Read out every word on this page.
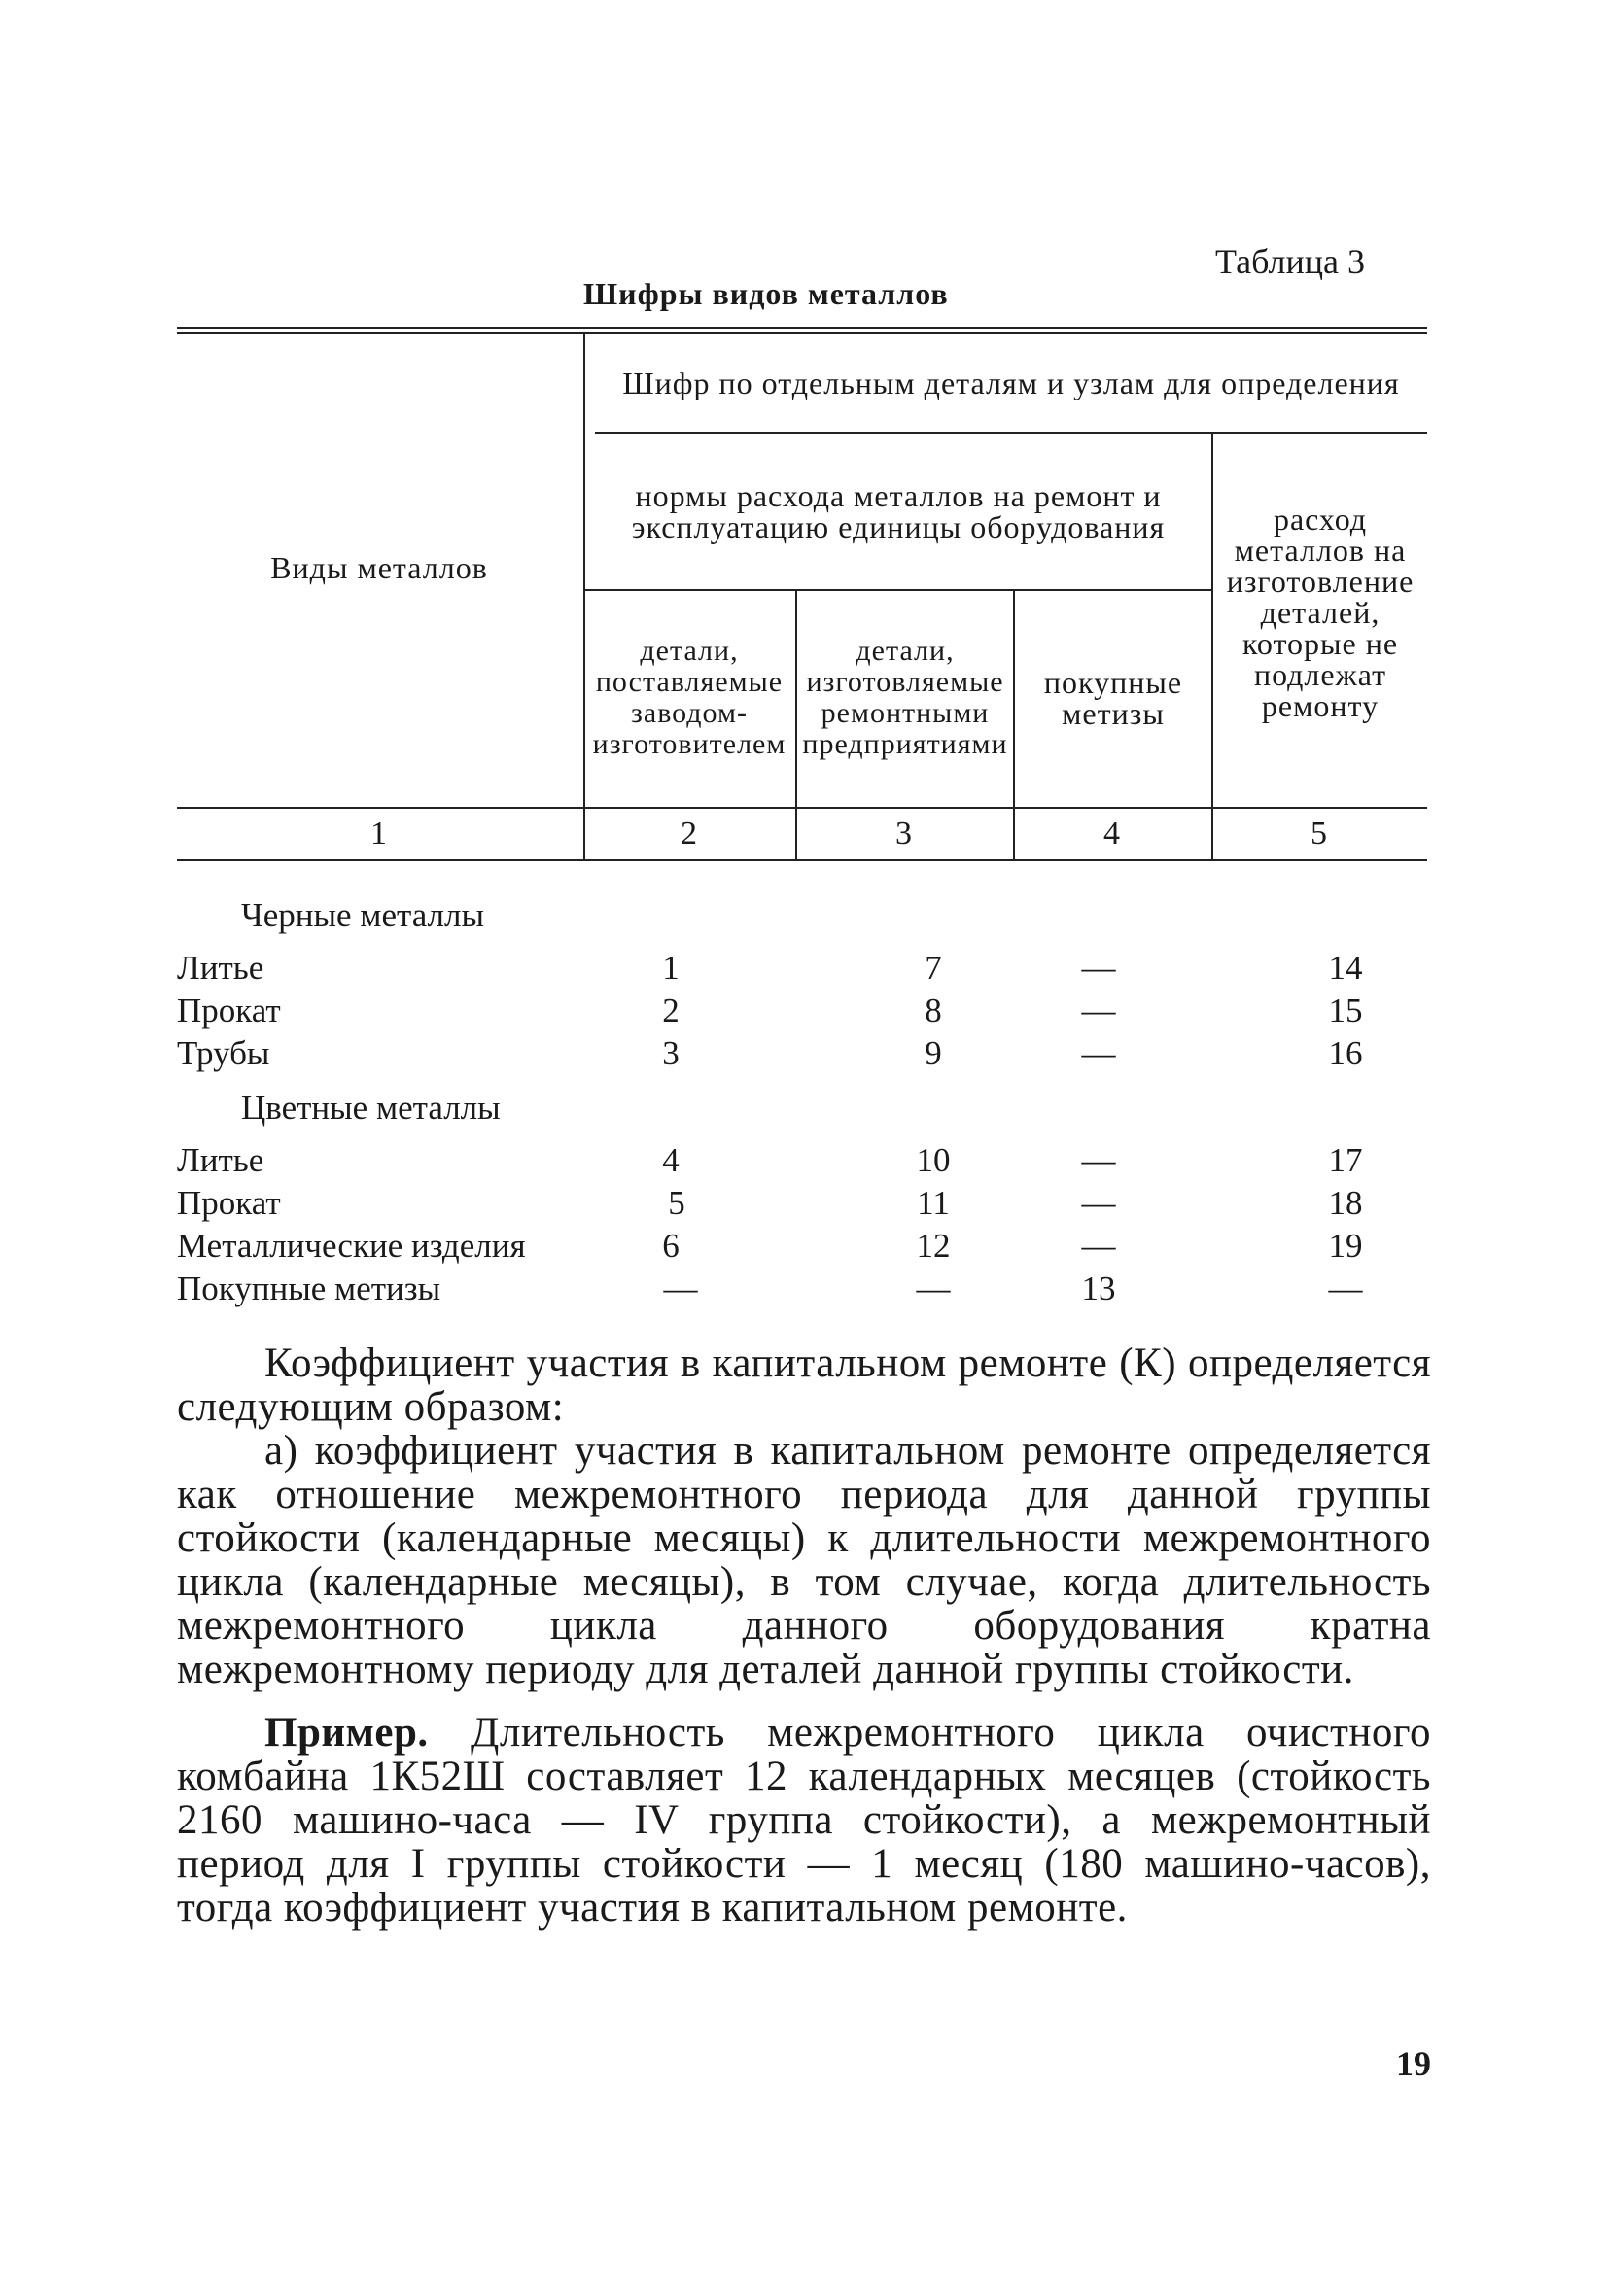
Таблица 3
Шифры видов металлов
Виды металлов
Шифр по отдельным деталям и узлам для определения
нормы расхода металлов на ремонт и эксплуатацию единицы оборудования
детали, поставляемые заводом-изготовителем
детали, изготовляемые ремонтными предприятиями
покупные метизы
расход металлов на изготовление деталей, которые не подлежат ремонту
1	2	3	4	5
Черные металлы
Литье	1	7	—	14
Прокат	2	8	—	15
Трубы	3	9	—	16
Цветные металлы
Литье	4	10	—	17
Прокат	5	11	—	18
Металлические изделия	6	12	—	19
Покупные метизы	—	—	13	—

Коэффициент участия в капитальном ремонте (К) определяется следующим образом:

а) коэффициент участия в капитальном ремонте определяется как отношение межремонтного периода для данной группы стойкости (календарные месяцы) к длительности межремонтного цикла (календарные месяцы), в том случае, когда длительность межремонтного цикла данного оборудования кратна межремонтному периоду для деталей данной группы стойкости.

Пример. Длительность межремонтного цикла очистного комбайна 1К52Ш составляет 12 календарных месяцев (стойкость 2160 машино-часа — IV группа стойкости), а межремонтный период для I группы стойкости — 1 месяц (180 машино-часов), тогда коэффициент участия в капитальном ремонте.

19
